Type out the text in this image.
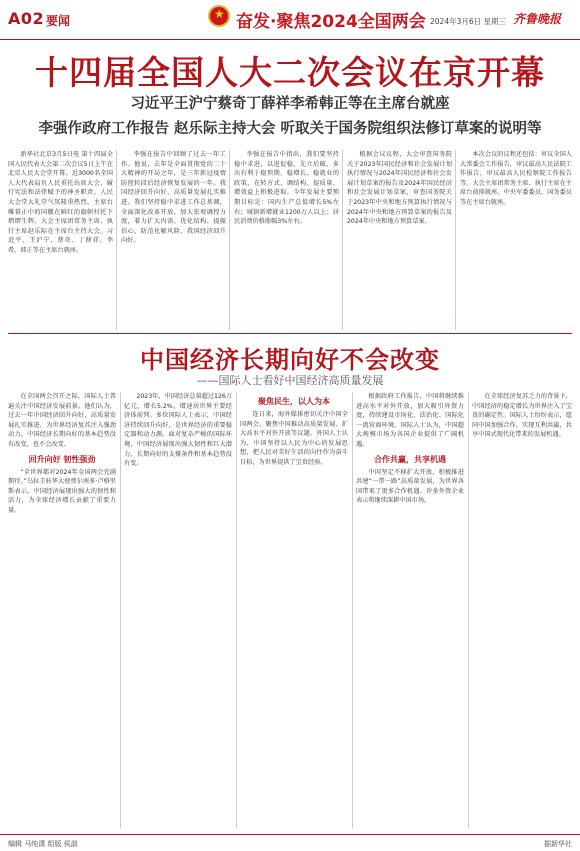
A02 要闻
★	奋发·聚焦2024全国两会 2024年3月6日 星期三 齐鲁晚报
十四届全国人大二次会议在京开幕
习近平王沪宁蔡奇丁薛祥李希韩正等在主席台就座
李强作政府工作报告 赵乐际主持大会 听取关于国务院组织法修订草案的说明等

新华社北京3月5日电 第十四届全国人民代表大会第二次会议5日上午在北京人民大会堂开幕。近3000名全国人大代表肩负人民重托出席大会，履行宪法和法律赋予的神圣职责。人民大会堂大礼堂气氛隆重热烈，主席台帷幕正中的国徽在鲜红的旗帜衬托下熠熠生辉。大会主席团常务主席、执行主席赵乐际在主席台主持大会。习近平、王沪宁、蔡奇、丁薛祥、李希、韩正等在主席台就座。

李强在报告中回顾了过去一年工作。他说，去年是全面贯彻党的二十大精神的开局之年，是三年新冠疫情防控转段后经济恢复发展的一年。我国经济回升向好，高质量发展扎实推进。我们坚持稳中求进工作总基调，全面深化改革开放，加大宏观调控力度，着力扩大内需、优化结构、提振信心、防范化解风险，我国经济回升向好。

李强在报告中指出，我们要坚持稳中求进、以进促稳、先立后破，多出有利于稳预期、稳增长、稳就业的政策，在转方式、调结构、提质量、增效益上积极进取。今年发展主要预期目标是：国内生产总值增长5%左右；城镇新增就业1200万人以上；居民消费价格涨幅3%左右。

根据会议议程，大会审查国务院关于2023年国民经济和社会发展计划执行情况与2024年国民经济和社会发展计划草案的报告及2024年国民经济和社会发展计划草案，审查国务院关于2023年中央和地方预算执行情况与2024年中央和地方预算草案的报告及2024年中央和地方预算草案。

本次会议的议程还包括：审议全国人大常委会工作报告，审议最高人民法院工作报告，审议最高人民检察院工作报告等。大会主席团常务主席、执行主席在主席台前排就座。中央军委委员、国务委员等在主席台就座。

中国经济长期向好不会改变
——国际人士看好中国经济高质量发展

在全国两会召开之际，国际人士普遍关注中国经济发展前景。他们认为，过去一年中国经济回升向好，高质量发展扎实推进，为世界经济复苏注入强劲动力。中国经济长期向好的基本趋势没有改变，也不会改变。

回升向好 韧性强劲

“全世界都对2024年全国两会充满期待。”乌拉圭驻华大使费尔南多·卢格里斯表示，中国经济展现出强大的韧性和活力，为全球经济增长贡献了重要力量。

2023年，中国经济总量超过126万亿元，增长5.2%，增速居世界主要经济体前列。多位国际人士表示，中国经济持续回升向好，是世界经济的重要稳定器和动力源。面对复杂严峻的国际环境，中国经济展现出强大韧性和巨大潜力，长期向好的支撑条件和基本趋势没有变。

聚焦民生，以人为本

连日来，海外媒体密切关注中国全国两会，聚焦中国推动高质量发展、扩大高水平对外开放等议题。外国人士认为，中国坚持以人民为中心的发展思想，把人民对美好生活的向往作为奋斗目标，为世界提供了宝贵经验。

根据政府工作报告，中国将继续推进高水平对外开放，加大吸引外资力度，持续建设市场化、法治化、国际化一流营商环境。国际人士认为，中国超大规模市场为各国企业提供了广阔机遇。

合作共赢，共享机遇

中国坚定不移扩大开放，积极推进共建“一带一路”高质量发展，为世界各国带来了更多合作机遇。许多外资企业表示将继续深耕中国市场。

在全球经济复苏乏力的背景下，中国经济的稳定增长为世界注入了宝贵的确定性。国际人士纷纷表示，愿同中国加强合作，实现互利共赢，共享中国式现代化带来的发展机遇。

编辑 马纯潇 组版 侯淑	据新华社
